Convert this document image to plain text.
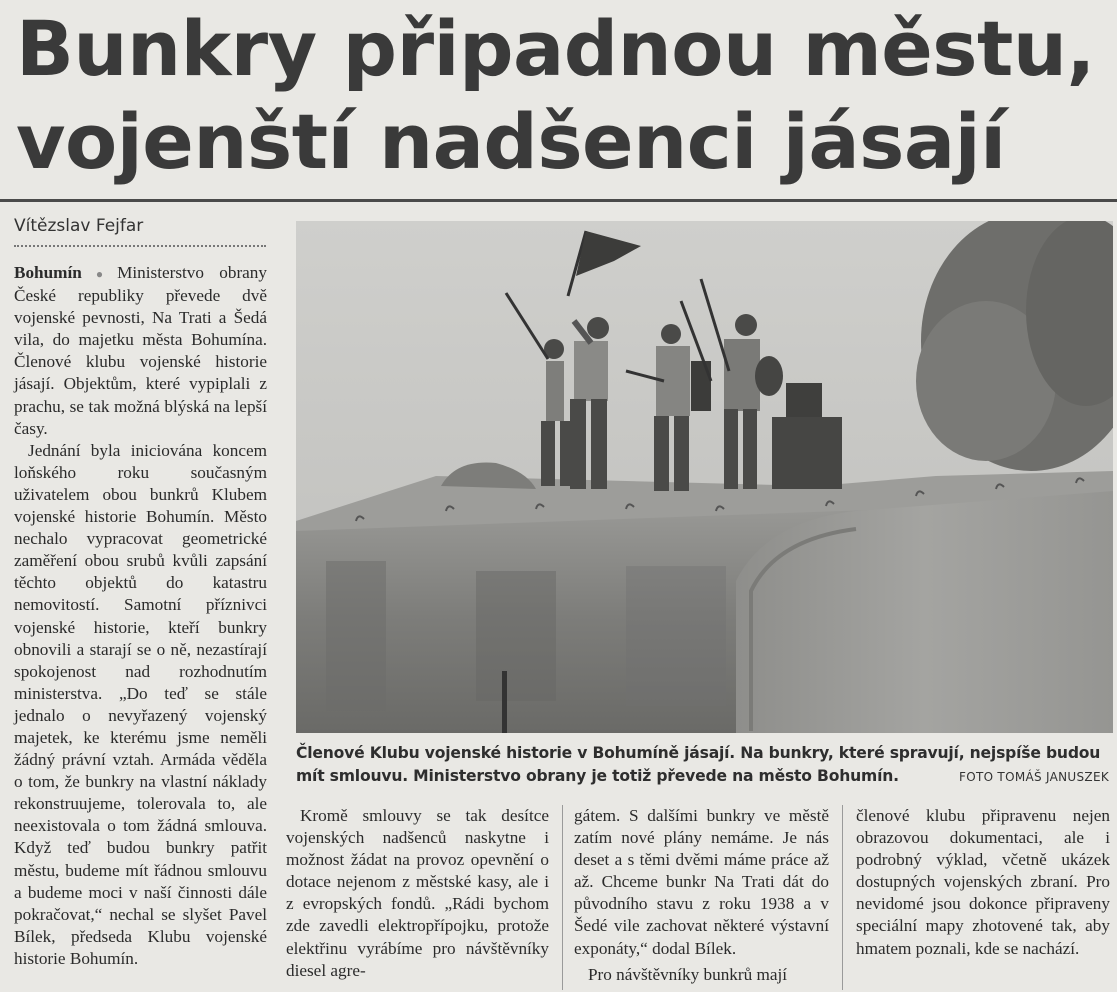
Bunkry připadnou městu,
vojenští nadšenci jásají
Vítězslav Fejfar

Bohumín ● Ministerstvo obrany České republiky převede dvě vojenské pevnosti, Na Trati a Šedá vila, do majetku města Bohumína. Členové klubu vojenské historie jásají. Objektům, které vypiplali z prachu, se tak možná blýská na lepší časy.

Jednání byla iniciována koncem loňského roku současným uživatelem obou bunkrů Klubem vojenské historie Bohumín. Město nechalo vypracovat geometrické zaměření obou srubů kvůli zapsání těchto objektů do katastru nemovitostí. Samotní příznivci vojenské historie, kteří bunkry obnovili a starají se o ně, nezastírají spokojenost nad rozhodnutím ministerstva. „Do teď se stále jednalo o nevyřazený vojenský majetek, ke kterému jsme neměli žádný právní vztah. Armáda věděla o tom, že bunkry na vlastní náklady rekonstruujeme, tolerovala to, ale neexistovala o tom žádná smlouva. Když teď budou bunkry patřit městu, budeme mít řádnou smlouvu a budeme moci v naší činnosti dále pokračovat,“ nechal se slyšet Pavel Bílek, předseda Klubu vojenské historie Bohumín.

Členové Klubu vojenské historie v Bohumíně jásají. Na bunkry, které spravují, nejspíše budou mít smlouvu. Ministerstvo obrany je totiž převede na město Bohumín.	FOTO TOMÁŠ JANUSZEK
Kromě smlouvy se tak desítce vojenských nadšenců naskytne i možnost žádat na provoz opevnění o dotace nejenom z městské kasy, ale i z evropských fondů. „Rádi bychom zde zavedli elektropřípojku, protože elektřinu vyrábíme pro návštěvníky diesel agre-
gátem. S dalšími bunkry ve městě zatím nové plány nemáme. Je nás deset a s těmi dvěmi máme práce až až. Chceme bunkr Na Trati dát do původního stavu z roku 1938 a v Šedé vile zachovat některé výstavní exponáty,“ dodal Bílek.
Pro návštěvníky bunkrů mají
členové klubu připravenu nejen obrazovou dokumentaci, ale i podrobný výklad, včetně ukázek dostupných vojenských zbraní. Pro nevidomé jsou dokonce připraveny speciální mapy zhotovené tak, aby hmatem poznali, kde se nachází.
